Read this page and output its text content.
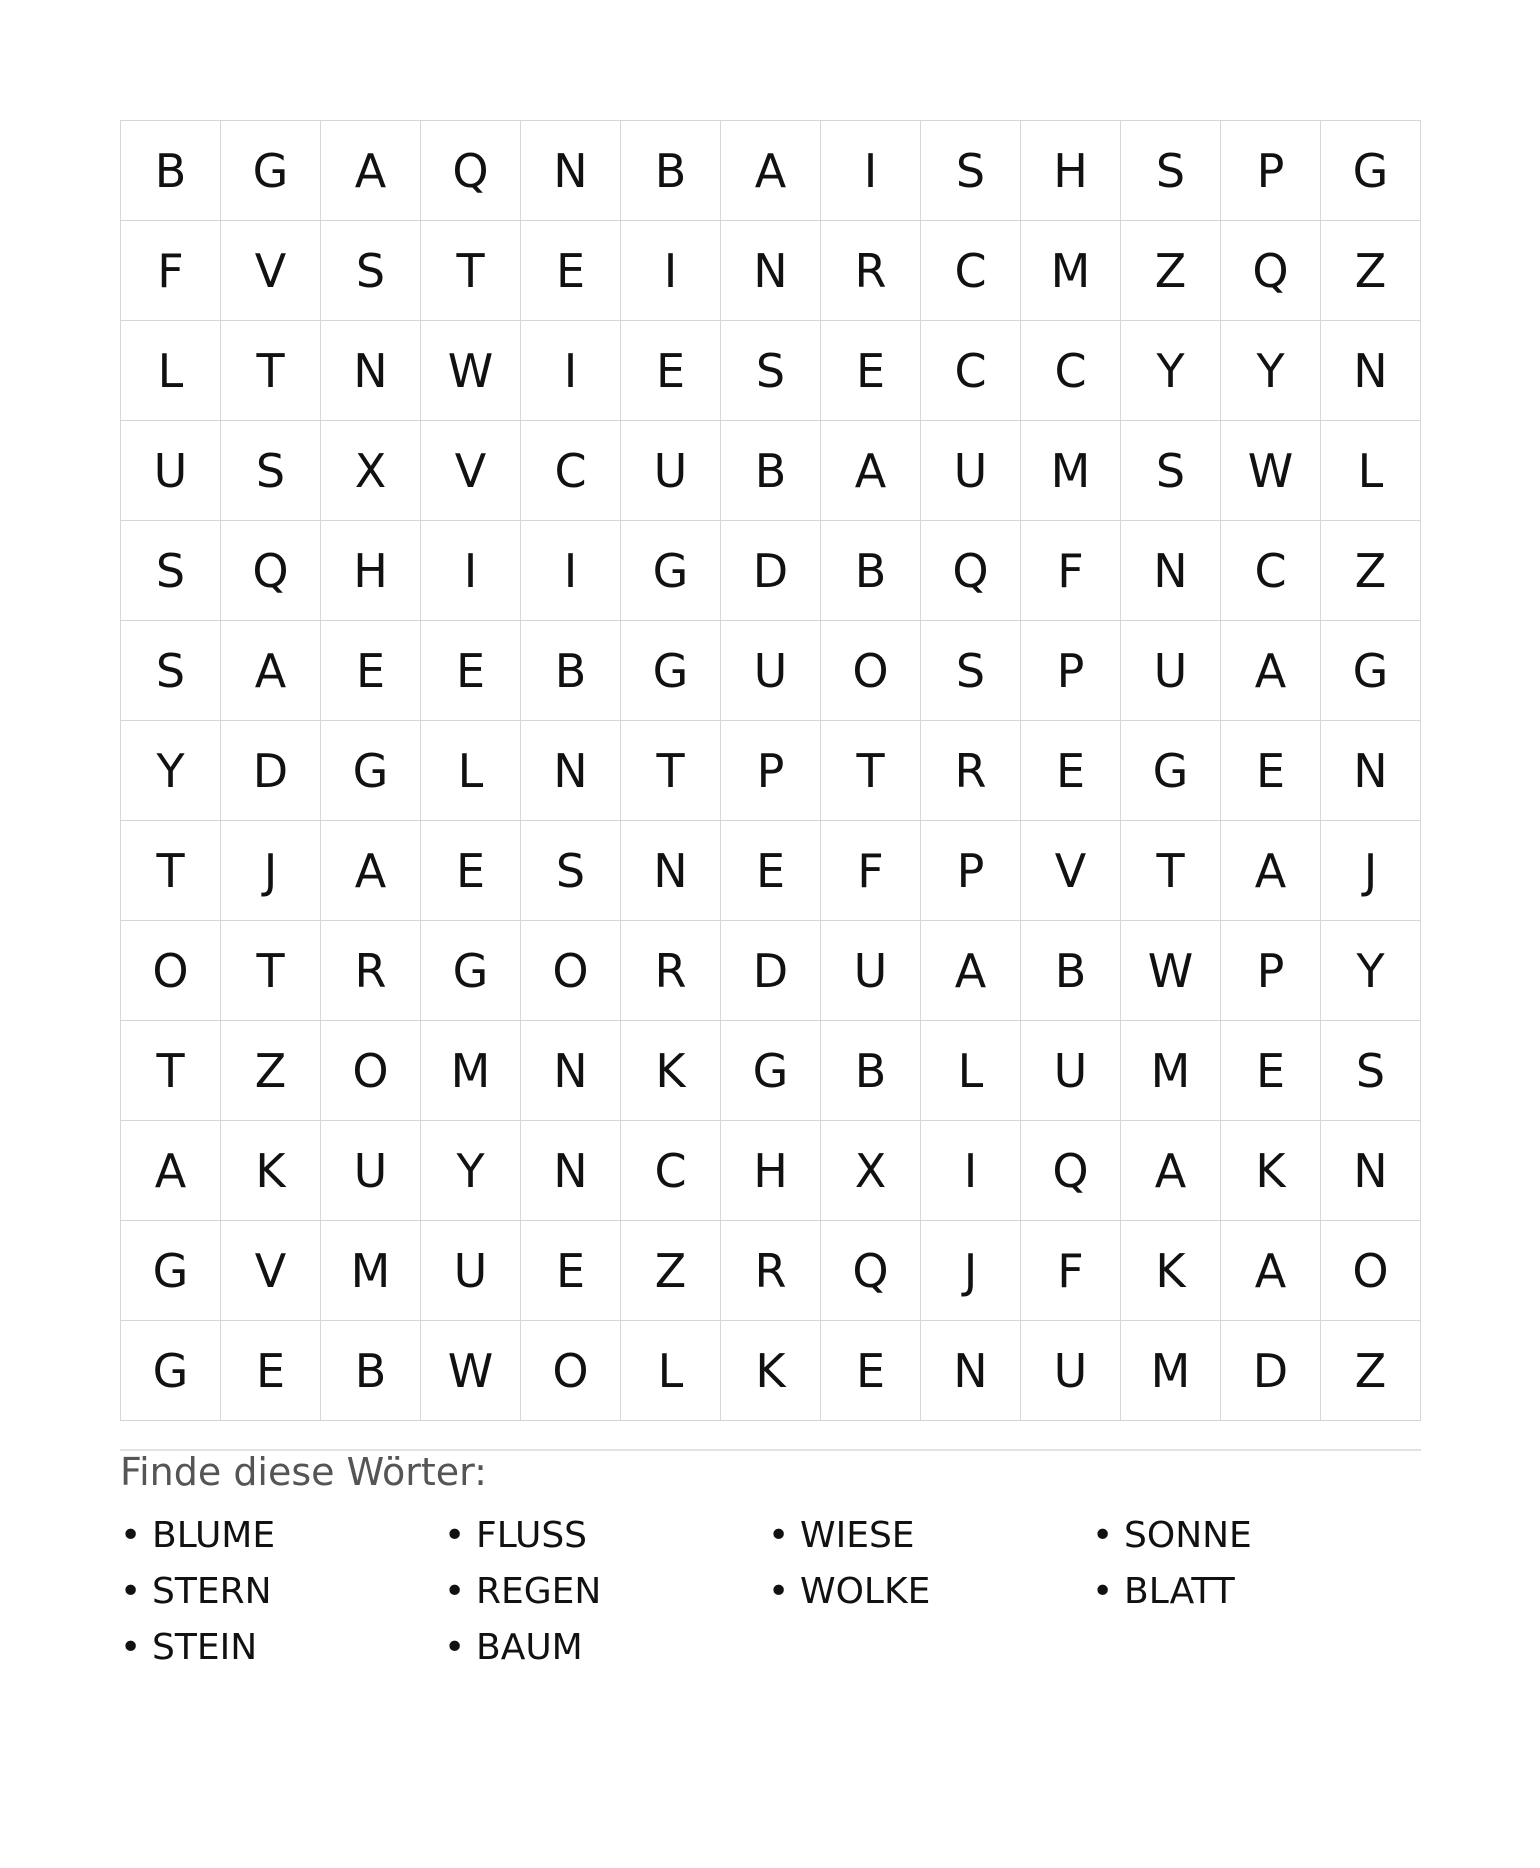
B	G	A	Q	N	B	A	I	S	H	S	P	G
F	V	S	T	E	I	N	R	C	M	Z	Q	Z
L	T	N	W	I	E	S	E	C	C	Y	Y	N
U	S	X	V	C	U	B	A	U	M	S	W	L
S	Q	H	I	I	G	D	B	Q	F	N	C	Z
S	A	E	E	B	G	U	O	S	P	U	A	G
Y	D	G	L	N	T	P	T	R	E	G	E	N
T	J	A	E	S	N	E	F	P	V	T	A	J
O	T	R	G	O	R	D	U	A	B	W	P	Y
T	Z	O	M	N	K	G	B	L	U	M	E	S
A	K	U	Y	N	C	H	X	I	Q	A	K	N
G	V	M	U	E	Z	R	Q	J	F	K	A	O
G	E	B	W	O	L	K	E	N	U	M	D	Z
Finde diese Wörter:
• BLUME	• FLUSS	• WIESE	• SONNE
• STERN	• REGEN	• WOLKE	• BLATT
• STEIN	• BAUM
